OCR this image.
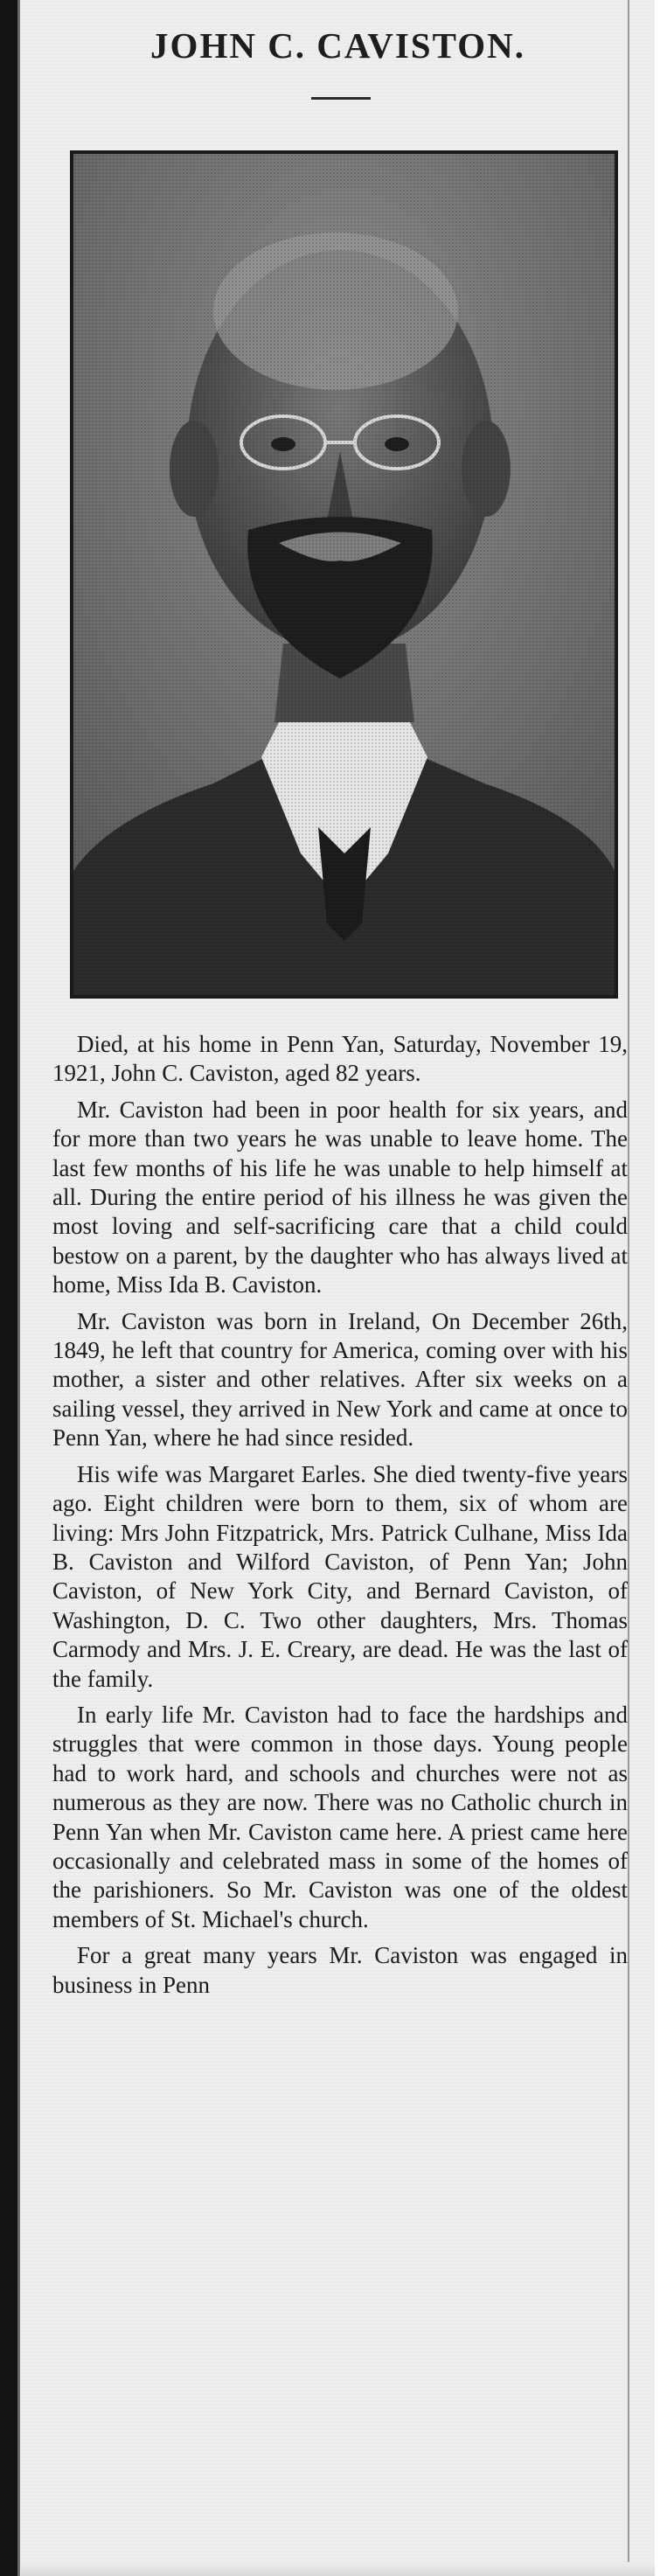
JOHN C. CAVISTON.

Died, at his home in Penn Yan, Saturday, November 19, 1921, John C. Caviston, aged 82 years.

Mr. Caviston had been in poor health for six years, and for more than two years he was unable to leave home. The last few months of his life he was unable to help himself at all. During the entire period of his illness he was given the most loving and self-sacrificing care that a child could bestow on a parent, by the daughter who has always lived at home, Miss Ida B. Caviston.

Mr. Caviston was born in Ireland, On December 26th, 1849, he left that country for America, coming over with his mother, a sister and other relatives. After six weeks on a sailing vessel, they arrived in New York and came at once to Penn Yan, where he had since resided.

His wife was Margaret Earles. She died twenty-five years ago. Eight children were born to them, six of whom are living: Mrs John Fitzpatrick, Mrs. Patrick Culhane, Miss Ida B. Caviston and Wilford Caviston, of Penn Yan; John Caviston, of New York City, and Bernard Caviston, of Washington, D. C. Two other daughters, Mrs. Thomas Carmody and Mrs. J. E. Creary, are dead. He was the last of the family.

In early life Mr. Caviston had to face the hardships and struggles that were common in those days. Young people had to work hard, and schools and churches were not as numerous as they are now. There was no Catholic church in Penn Yan when Mr. Caviston came here. A priest came here occasionally and celebrated mass in some of the homes of the parishioners. So Mr. Caviston was one of the oldest members of St. Michael's church.

For a great many years Mr. Caviston was engaged in business in Penn
